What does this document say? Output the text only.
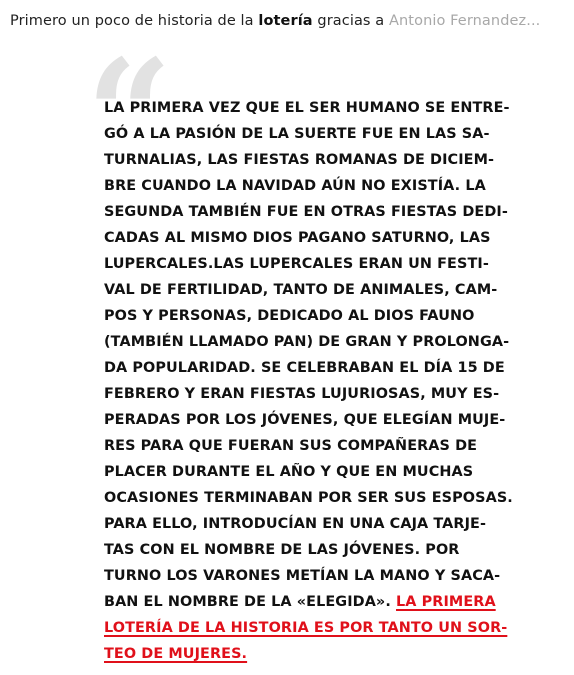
Primero un poco de historia de la lotería gracias a Antonio Fernandez...
“
LA PRIMERA VEZ QUE EL SER HUMANO SE ENTRE-
GÓ A LA PASIÓN DE LA SUERTE FUE EN LAS SA-
TURNALIAS, LAS FIESTAS ROMANAS DE DICIEM-
BRE CUANDO LA NAVIDAD AÚN NO EXISTÍA. LA
SEGUNDA TAMBIÉN FUE EN OTRAS FIESTAS DEDI-
CADAS AL MISMO DIOS PAGANO SATURNO, LAS
LUPERCALES.LAS LUPERCALES ERAN UN FESTI-
VAL DE FERTILIDAD, TANTO DE ANIMALES, CAM-
POS Y PERSONAS, DEDICADO AL DIOS FAUNO
(TAMBIÉN LLAMADO PAN) DE GRAN Y PROLONGA-
DA POPULARIDAD. SE CELEBRABAN EL DÍA 15 DE
FEBRERO Y ERAN FIESTAS LUJURIOSAS, MUY ES-
PERADAS POR LOS JÓVENES, QUE ELEGÍAN MUJE-
RES PARA QUE FUERAN SUS COMPAÑERAS DE
PLACER DURANTE EL AÑO Y QUE EN MUCHAS
OCASIONES TERMINABAN POR SER SUS ESPOSAS.
PARA ELLO, INTRODUCÍAN EN UNA CAJA TARJE-
TAS CON EL NOMBRE DE LAS JÓVENES. POR
TURNO LOS VARONES METÍAN LA MANO Y SACA-
BAN EL NOMBRE DE LA «ELEGIDA». LA PRIMERA
LOTERÍA DE LA HISTORIA ES POR TANTO UN SOR-
TEO DE MUJERES.
